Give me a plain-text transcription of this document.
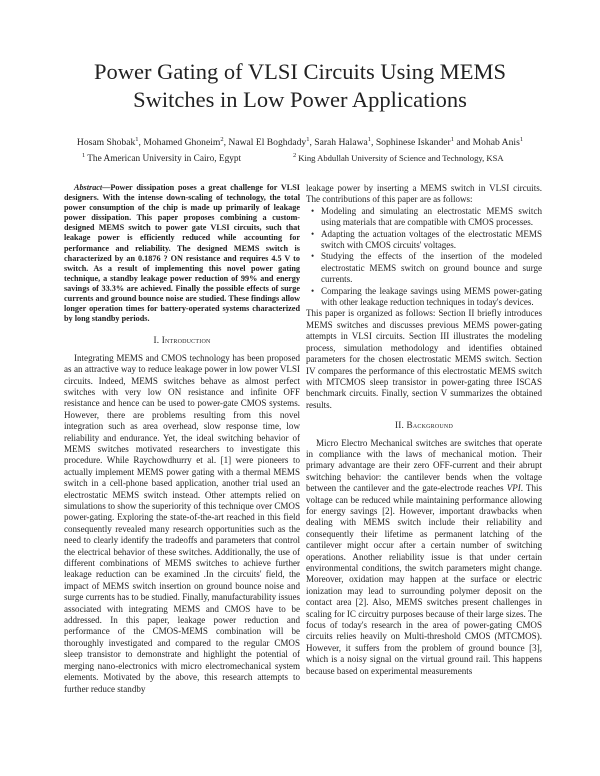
Power Gating of VLSI Circuits Using MEMS
Switches in Low Power Applications
Hosam Shobak$^1$, Mohamed Ghoneim$^2$, Nawal El Boghdady$^1$, Sarah Halawa$^1$, Sophinese Iskander$^1$ and Mohab Anis$^1$
$^1$ The American University in Cairo, Egypt	$^2$ King Abdullah University of Science and Technology, KSA

Abstract—Power dissipation poses a great challenge for VLSI designers. With the intense down-scaling of technology, the total power consumption of the chip is made up primarily of leakage power dissipation. This paper proposes combining a custom-designed MEMS switch to power gate VLSI circuits, such that leakage power is efficiently reduced while accounting for performance and reliability. The designed MEMS switch is characterized by an 0.1876 ? ON resistance and requires 4.5 V to switch. As a result of implementing this novel power gating technique, a standby leakage power reduction of 99% and energy savings of 33.3% are achieved. Finally the possible effects of surge currents and ground bounce noise are studied. These findings allow longer operation times for battery-operated systems characterized by long standby periods.

I. Introduction

Integrating MEMS and CMOS technology has been proposed as an attractive way to reduce leakage power in low power VLSI circuits. Indeed, MEMS switches behave as almost perfect switches with very low ON resistance and infinite OFF resistance and hence can be used to power-gate CMOS systems. However, there are problems resulting from this novel integration such as area overhead, slow response time, low reliability and endurance. Yet, the ideal switching behavior of MEMS switches motivated researchers to investigate this procedure. While Raychowdhurry et al. [1] were pioneers to actually implement MEMS power gating with a thermal MEMS switch in a cell-phone based application, another trial used an electrostatic MEMS switch instead. Other attempts relied on simulations to show the superiority of this technique over CMOS power-gating. Exploring the state-of-the-art reached in this field consequently revealed many research opportunities such as the need to clearly identify the tradeoffs and parameters that control the electrical behavior of these switches. Additionally, the use of different combinations of MEMS switches to achieve further leakage reduction can be examined .In the circuits' field, the impact of MEMS switch insertion on ground bounce noise and surge currents has to be studied. Finally, manufacturability issues associated with integrating MEMS and CMOS have to be addressed. In this paper, leakage power reduction and performance of the CMOS-MEMS combination will be thoroughly investigated and compared to the regular CMOS sleep transistor to demonstrate and highlight the potential of merging nano-electronics with micro electromechanical system elements. Motivated by the above, this research attempts to further reduce standby

leakage power by inserting a MEMS switch in VLSI circuits. The contributions of this paper are as follows:

• Modeling and simulating an electrostatic MEMS switch using materials that are compatible with CMOS processes.
• Adapting the actuation voltages of the electrostatic MEMS switch with CMOS circuits' voltages.
• Studying the effects of the insertion of the modeled electrostatic MEMS switch on ground bounce and surge currents.
• Comparing the leakage savings using MEMS power-gating with other leakage reduction techniques in today's devices.

This paper is organized as follows: Section II briefly introduces MEMS switches and discusses previous MEMS power-gating attempts in VLSI circuits. Section III illustrates the modeling process, simulation methodology and identifies obtained parameters for the chosen electrostatic MEMS switch. Section IV compares the performance of this electrostatic MEMS switch with MTCMOS sleep transistor in power-gating three ISCAS benchmark circuits. Finally, section V summarizes the obtained results.

II. Background

Micro Electro Mechanical switches are switches that operate in compliance with the laws of mechanical motion. Their primary advantage are their zero OFF-current and their abrupt switching behavior: the cantilever bends when the voltage between the cantilever and the gate-electrode reaches VPI. This voltage can be reduced while maintaining performance allowing for energy savings [2]. However, important drawbacks when dealing with MEMS switch include their reliability and consequently their lifetime as permanent latching of the cantilever might occur after a certain number of switching operations. Another reliability issue is that under certain environmental conditions, the switch parameters might change. Moreover, oxidation may happen at the surface or electric ionization may lead to surrounding polymer deposit on the contact area [2]. Also, MEMS switches present challenges in scaling for IC circuitry purposes because of their large sizes. The focus of today's research in the area of power-gating CMOS circuits relies heavily on Multi-threshold CMOS (MTCMOS). However, it suffers from the problem of ground bounce [3], which is a noisy signal on the virtual ground rail. This happens because based on experimental measurements
